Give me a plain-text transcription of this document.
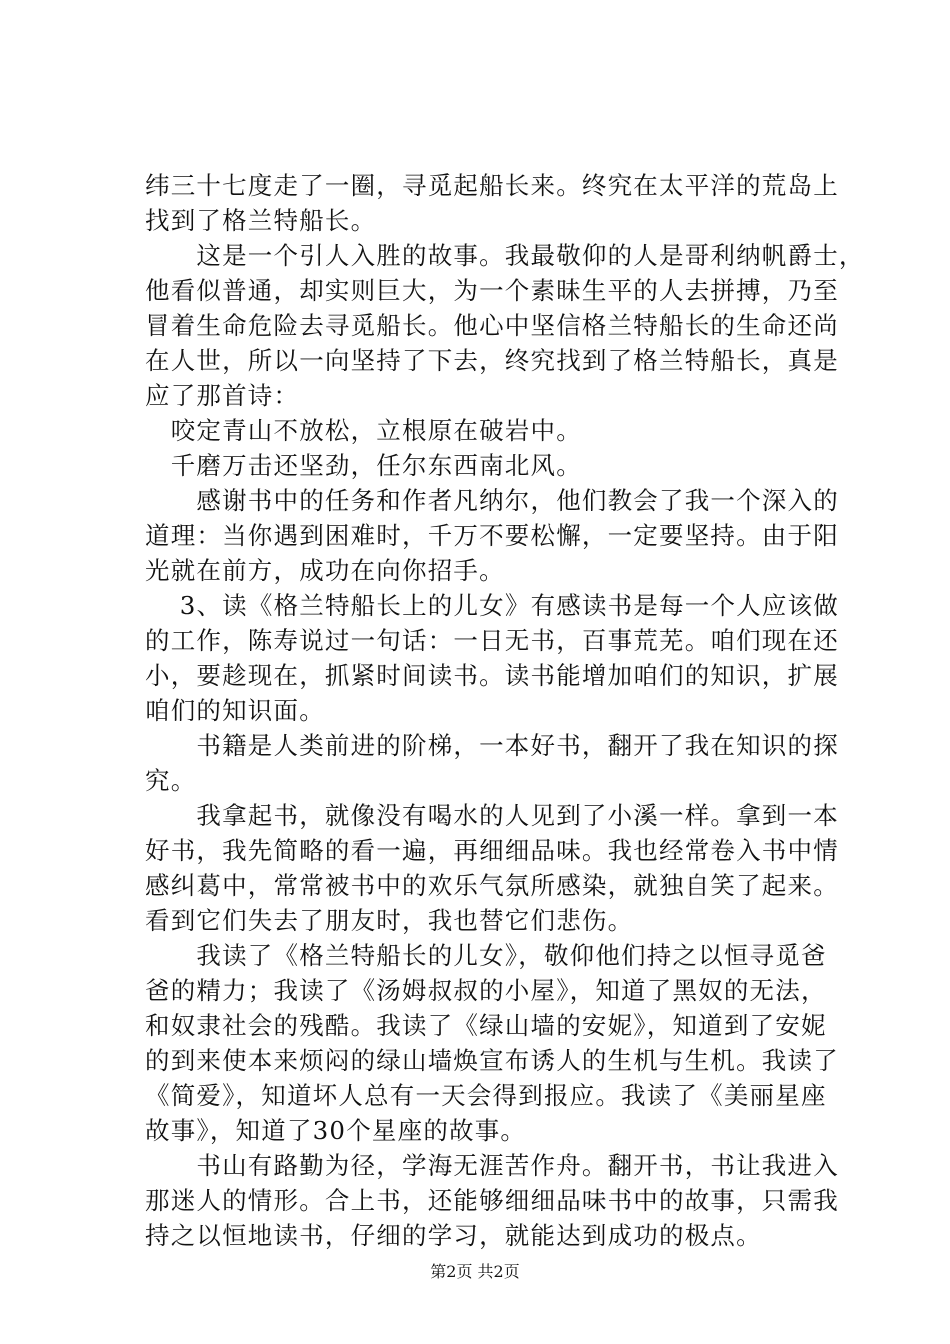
纬三十七度走了一圈，寻觅起船长来。终究在太平洋的荒岛上
找到了格兰特船长。
　　这是一个引人入胜的故事。我最敬仰的人是哥利纳帆爵士，
他看似普通，却实则巨大，为一个素昧生平的人去拼搏，乃至
冒着生命危险去寻觅船长。他心中坚信格兰特船长的生命还尚
在人世，所以一向坚持了下去，终究找到了格兰特船长，真是
应了那首诗：
　咬定青山不放松，立根原在破岩中。
　千磨万击还坚劲，任尔东西南北风。
　　感谢书中的任务和作者凡纳尔，他们教会了我一个深入的
道理：当你遇到困难时，千万不要松懈，一定要坚持。由于阳
光就在前方，成功在向你招手。
　 3、读《格兰特船长上的儿女》有感读书是每一个人应该做
的工作，陈寿说过一句话：一日无书，百事荒芜。咱们现在还
小，要趁现在，抓紧时间读书。读书能增加咱们的知识，扩展
咱们的知识面。
　　书籍是人类前进的阶梯，一本好书，翻开了我在知识的探
究。
　　我拿起书，就像没有喝水的人见到了小溪一样。拿到一本
好书，我先简略的看一遍，再细细品味。我也经常卷入书中情
感纠葛中，常常被书中的欢乐气氛所感染，就独自笑了起来。
看到它们失去了朋友时，我也替它们悲伤。
　　我读了《格兰特船长的儿女》，敬仰他们持之以恒寻觅爸
爸的精力；我读了《汤姆叔叔的小屋》，知道了黑奴的无法，
和奴隶社会的残酷。我读了《绿山墙的安妮》，知道到了安妮
的到来使本来烦闷的绿山墙焕宣布诱人的生机与生机。我读了
《简爱》，知道坏人总有一天会得到报应。我读了《美丽星座
故事》，知道了30个星座的故事。
　　书山有路勤为径，学海无涯苦作舟。翻开书，书让我进入
那迷人的情形。合上书，还能够细细品味书中的故事，只需我
持之以恒地读书，仔细的学习，就能达到成功的极点。
第2页 共2页
